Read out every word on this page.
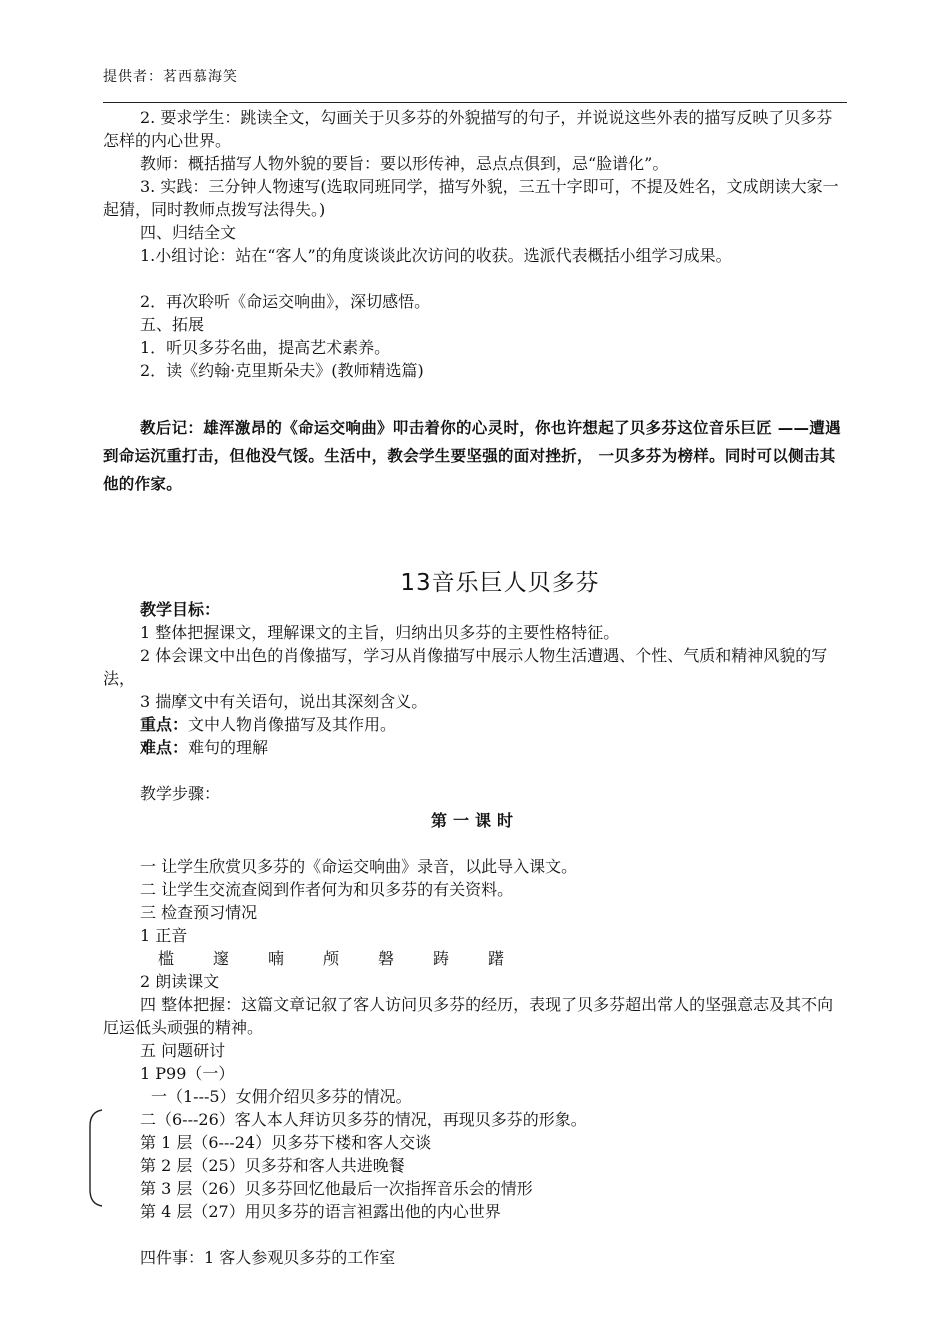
提供者：茗西慕海笑

2. 要求学生：跳读全文，勾画关于贝多芬的外貌描写的句子，并说说这些外表的描写反映了贝多芬怎样的内心世界。

教师：概括描写人物外貌的要旨：要以形传神，忌点点俱到，忌“脸谱化”。

3. 实践：三分钟人物速写(选取同班同学，描写外貌，三五十字即可，不提及姓名，文成朗读大家一起猜，同时教师点拨写法得失。)

四、归结全文

1.小组讨论：站在“客人”的角度谈谈此次访问的收获。选派代表概括小组学习成果。

2．再次聆听《命运交响曲》，深切感悟。

五、拓展

1．听贝多芬名曲，提高艺术素养。

2．读《约翰·克里斯朵夫》(教师精选篇)

教后记：雄浑激昂的《命运交响曲》叩击着你的心灵时，你也许想起了贝多芬这位音乐巨匠 ——遭遇到命运沉重打击，但他没气馁。生活中，教会学生要坚强的面对挫折， 一贝多芬为榜样。同时可以侧击其他的作家。

13音乐巨人贝多芬

教学目标：

1 整体把握课文，理解课文的主旨，归纳出贝多芬的主要性格特征。

2 体会课文中出色的肖像描写，学习从肖像描写中展示人物生活遭遇、个性、气质和精神风貌的写法，

3 揣摩文中有关语句，说出其深刻含义。

重点：文中人物肖像描写及其作用。

难点：难句的理解

教学步骤：

第一课时

一 让学生欣赏贝多芬的《命运交响曲》录音，以此导入课文。

二 让学生交流查阅到作者何为和贝多芬的有关资料。

三 检查预习情况

1 正音

槛 邃 喃 颅 磐 踌 躇

2 朗读课文

四 整体把握：这篇文章记叙了客人访问贝多芬的经历，表现了贝多芬超出常人的坚强意志及其不向厄运低头顽强的精神。

五 问题研讨

1 P99（一）

一（1---5）女佣介绍贝多芬的情况。

二（6---26）客人本人拜访贝多芬的情况，再现贝多芬的形象。

第 1 层（6---24）贝多芬下楼和客人交谈

第 2 层（25）贝多芬和客人共进晚餐

第 3 层（26）贝多芬回忆他最后一次指挥音乐会的情形

第 4 层（27）用贝多芬的语言袒露出他的内心世界

四件事：1 客人参观贝多芬的工作室
